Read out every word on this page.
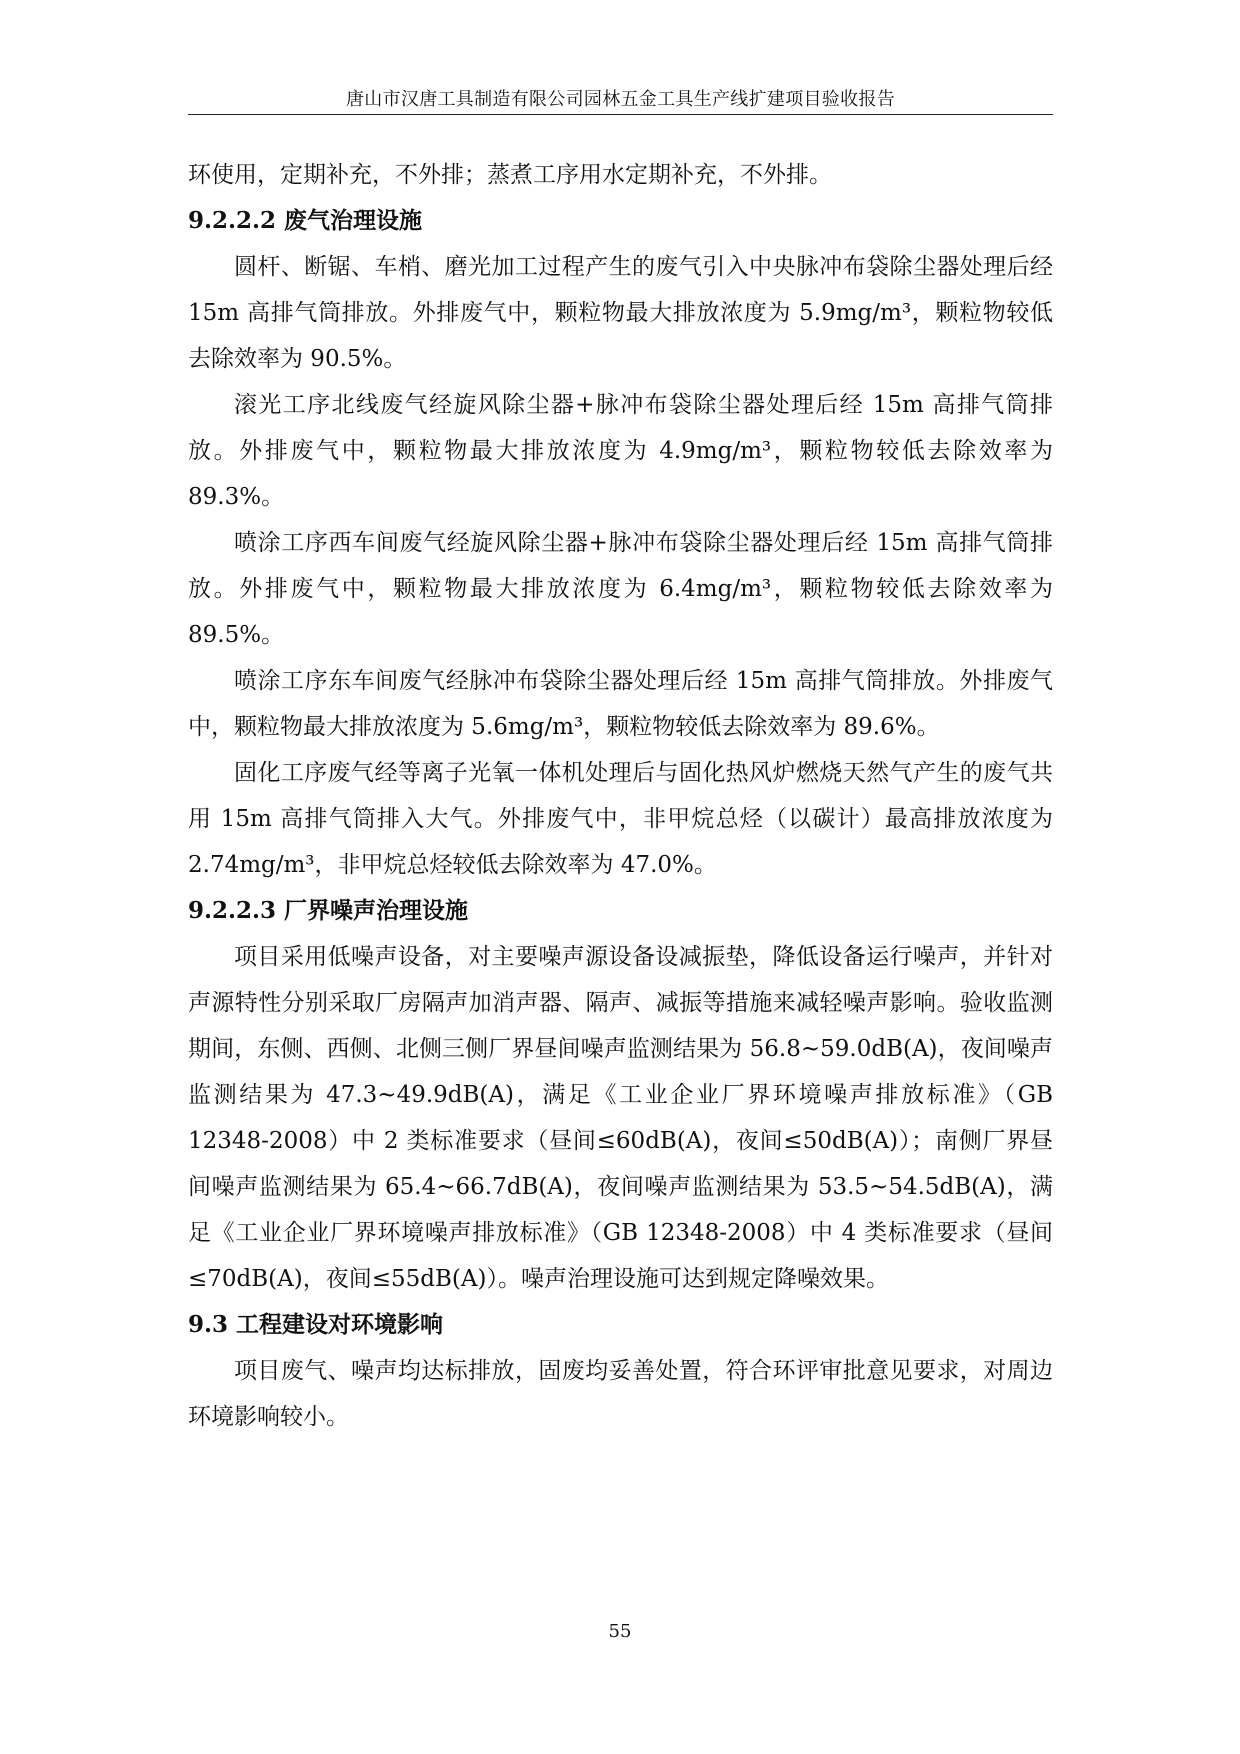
唐山市汉唐工具制造有限公司园林五金工具生产线扩建项目验收报告

环使用，定期补充，不外排；蒸煮工序用水定期补充，不外排。

9.2.2.2 废气治理设施

圆杆、断锯、车梢、磨光加工过程产生的废气引入中央脉冲布袋除尘器处理后经 15m 高排气筒排放。外排废气中，颗粒物最大排放浓度为 5.9mg/m³，颗粒物较低去除效率为 90.5%。

滚光工序北线废气经旋风除尘器+脉冲布袋除尘器处理后经 15m 高排气筒排放。外排废气中，颗粒物最大排放浓度为 4.9mg/m³，颗粒物较低去除效率为 89.3%。

喷涂工序西车间废气经旋风除尘器+脉冲布袋除尘器处理后经 15m 高排气筒排放。外排废气中，颗粒物最大排放浓度为 6.4mg/m³，颗粒物较低去除效率为 89.5%。

喷涂工序东车间废气经脉冲布袋除尘器处理后经 15m 高排气筒排放。外排废气中，颗粒物最大排放浓度为 5.6mg/m³，颗粒物较低去除效率为 89.6%。

固化工序废气经等离子光氧一体机处理后与固化热风炉燃烧天然气产生的废气共用 15m 高排气筒排入大气。外排废气中，非甲烷总烃（以碳计）最高排放浓度为 2.74mg/m³，非甲烷总烃较低去除效率为 47.0%。

9.2.2.3 厂界噪声治理设施

项目采用低噪声设备，对主要噪声源设备设减振垫，降低设备运行噪声，并针对声源特性分别采取厂房隔声加消声器、隔声、减振等措施来减轻噪声影响。验收监测期间，东侧、西侧、北侧三侧厂界昼间噪声监测结果为 56.8~59.0dB(A)，夜间噪声监测结果为 47.3~49.9dB(A)，满足《工业企业厂界环境噪声排放标准》（GB 12348-2008）中 2 类标准要求（昼间≤60dB(A)，夜间≤50dB(A)）；南侧厂界昼间噪声监测结果为 65.4~66.7dB(A)，夜间噪声监测结果为 53.5~54.5dB(A)，满足《工业企业厂界环境噪声排放标准》（GB 12348-2008）中 4 类标准要求（昼间≤70dB(A)，夜间≤55dB(A)）。噪声治理设施可达到规定降噪效果。

9.3 工程建设对环境影响

项目废气、噪声均达标排放，固废均妥善处置，符合环评审批意见要求，对周边环境影响较小。

55
